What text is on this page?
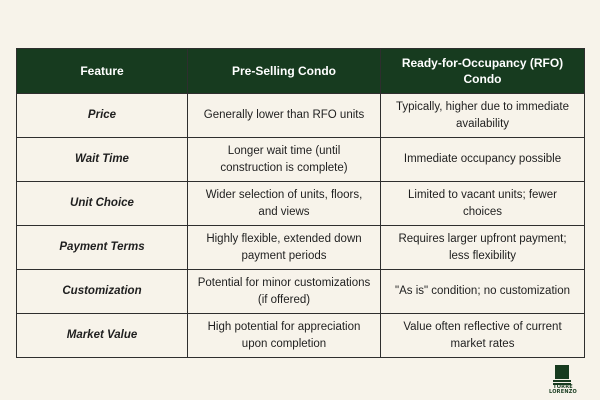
Feature	Pre-Selling Condo	Ready-for-Occupancy (RFO) Condo
Price	Generally lower than RFO units	Typically, higher due to immediate availability
Wait Time	Longer wait time (until construction is complete)	Immediate occupancy possible
Unit Choice	Wider selection of units, floors, and views	Limited to vacant units; fewer choices
Payment Terms	Highly flexible, extended down payment periods	Requires larger upfront payment; less flexibility
Customization	Potential for minor customizations (if offered)	"As is" condition; no customization
Market Value	High potential for appreciation upon completion	Value often reflective of current market rates
TORRE LORENZO
